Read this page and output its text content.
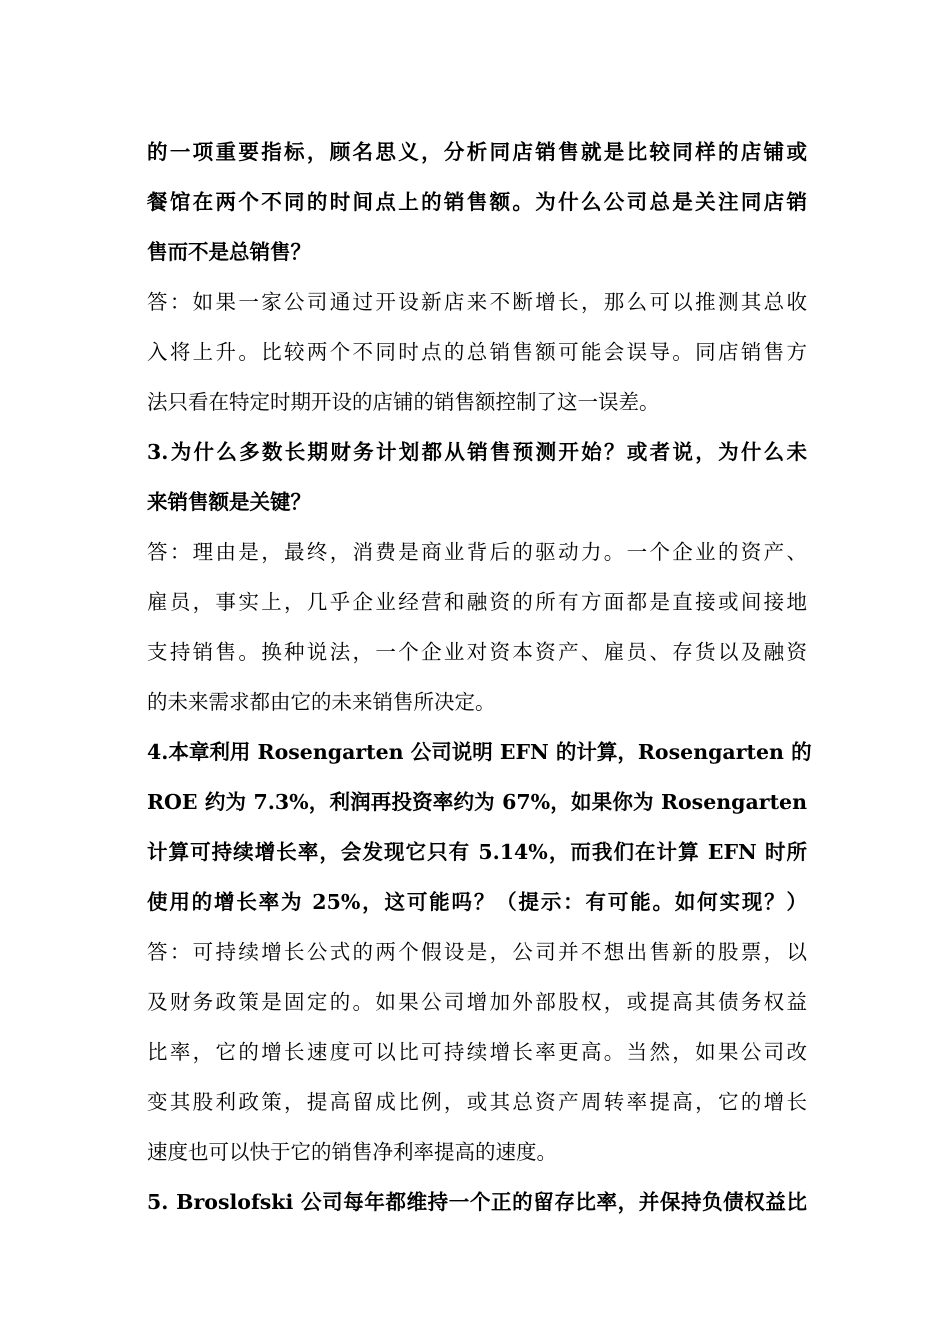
的一项重要指标，顾名思义，分析同店销售就是比较同样的店铺或
餐馆在两个不同的时间点上的销售额。为什么公司总是关注同店销
售而不是总销售？
答：如果一家公司通过开设新店来不断增长，那么可以推测其总收
入将上升。比较两个不同时点的总销售额可能会误导。同店销售方
法只看在特定时期开设的店铺的销售额控制了这一误差。
3.为什么多数长期财务计划都从销售预测开始？或者说，为什么未
来销售额是关键？
答：理由是，最终，消费是商业背后的驱动力。一个企业的资产、
雇员，事实上，几乎企业经营和融资的所有方面都是直接或间接地
支持销售。换种说法，一个企业对资本资产、雇员、存货以及融资
的未来需求都由它的未来销售所决定。
4.本章利用 Rosengarten 公司说明 EFN 的计算，Rosengarten 的
ROE 约为 7.3%，利润再投资率约为 67%，如果你为 Rosengarten
计算可持续增长率，会发现它只有 5.14%，而我们在计算 EFN 时所
使用的增长率为 25%，这可能吗？（提示：有可能。如何实现？）
答：可持续增长公式的两个假设是，公司并不想出售新的股票，以
及财务政策是固定的。如果公司增加外部股权，或提高其债务权益
比率，它的增长速度可以比可持续增长率更高。当然，如果公司改
变其股利政策，提高留成比例，或其总资产周转率提高，它的增长
速度也可以快于它的销售净利率提高的速度。
5. Broslofski 公司每年都维持一个正的留存比率，并保持负债权益比
